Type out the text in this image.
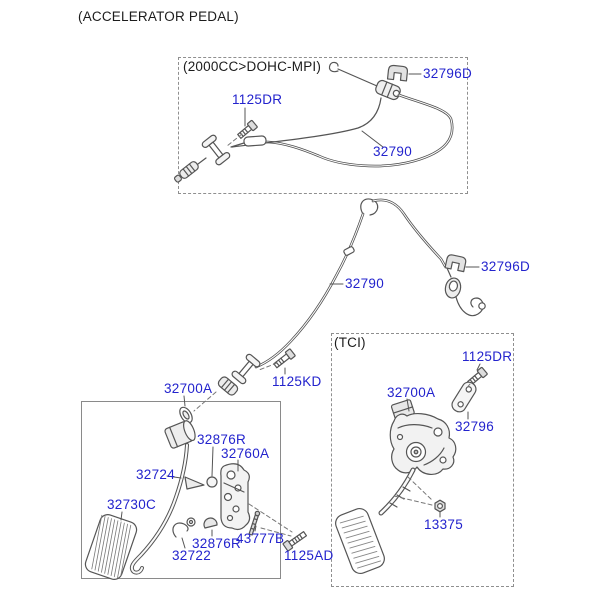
(ACCELERATOR PEDAL)
(2000CC>DOHC-MPI)
(TCI)
1125DR
32796D
32790
32790
32796D
1125DR
32700A
32796
13375
32700A	1125KD
32876R
32760A
32724
32730C
32876R
32722
43777B
1125AD
